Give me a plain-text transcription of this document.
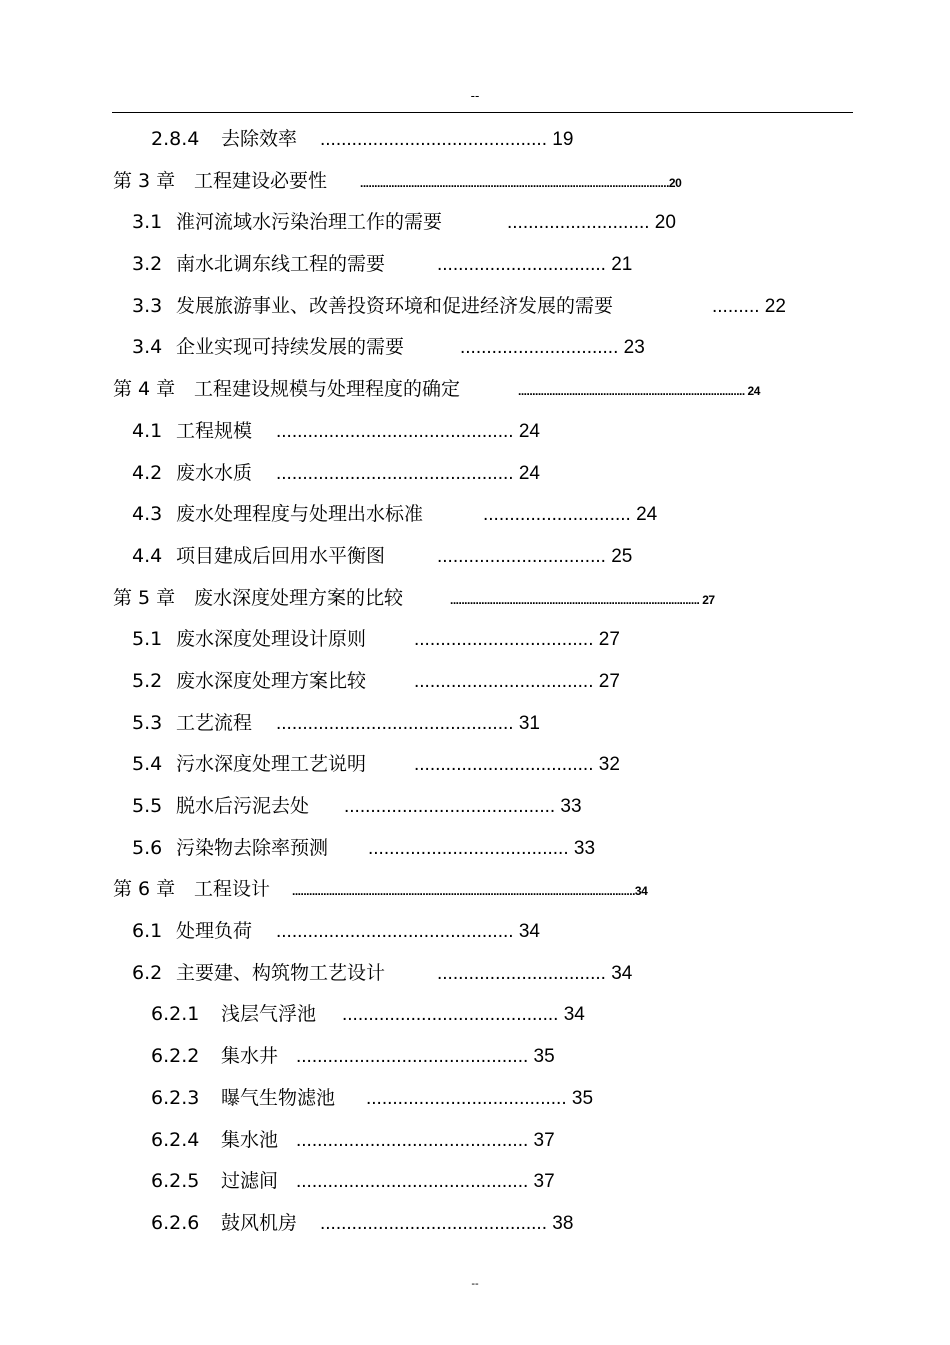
--
2.8.4 去除效率 ........................................... 19
第 3 章 工程建设必要性	.............................................................................................................20
3.1 淮河流域水污染治理工作的需要	........................... 20
3.2 南水北调东线工程的需要	................................ 21
3.3 发展旅游事业、改善投资环境和促进经济发展的需要	......... 22
3.4 企业实现可持续发展的需要	.............................. 23
第 4 章 工程建设规模与处理程度的确定	................................................................................ 24
4.1 工程规模 ............................................. 24
4.2 废水水质 ............................................. 24
4.3 废水处理程度与处理出水标准	............................ 24
4.4 项目建成后回用水平衡图	................................ 25
第 5 章 废水深度处理方案的比较	........................................................................................ 27
5.1 废水深度处理设计原则	.................................. 27
5.2 废水深度处理方案比较	.................................. 27
5.3 工艺流程 ............................................. 31
5.4 污水深度处理工艺说明	.................................. 32
5.5 脱水后污泥去处 ........................................ 33
5.6 污染物去除率预测 ...................................... 33
第 6 章 工程设计 .........................................................................................................................34
6.1 处理负荷 ............................................. 34
6.2 主要建、构筑物工艺设计	................................ 34
6.2.1 浅层气浮池 ......................................... 34
6.2.2 集水井 ............................................ 35
6.2.3 曝气生物滤池 ...................................... 35
6.2.4 集水池 ............................................ 37
6.2.5 过滤间 ............................................ 37
6.2.6 鼓风机房 ........................................... 38
--
